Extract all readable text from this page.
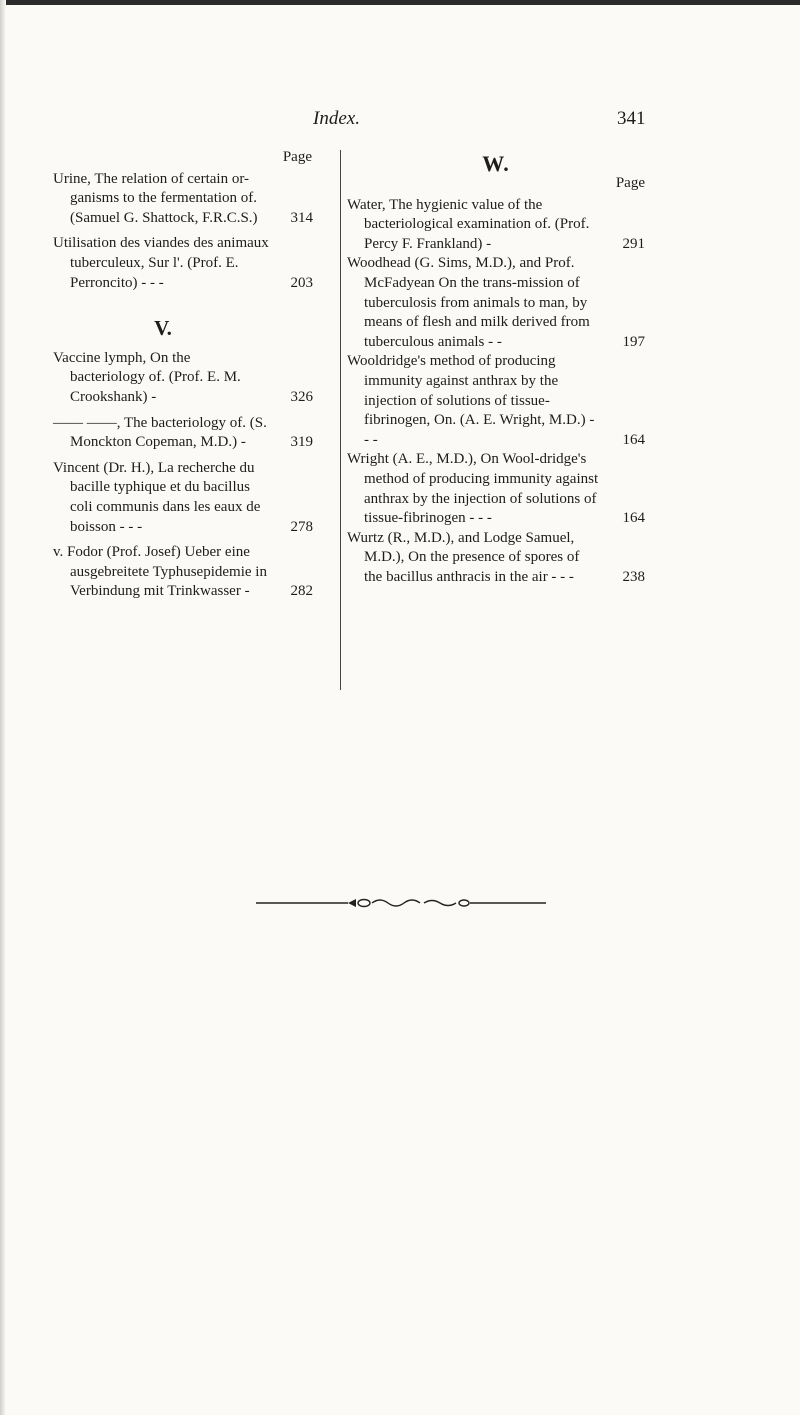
Index.	341
Page
Urine, The relation of certain or-ganisms to the fermentation of. (Samuel G. Shattock, F.R.C.S.)	314
Utilisation des viandes des animaux tuberculeux, Sur l'. (Prof. E. Perroncito) - - -	203
V.
Vaccine lymph, On the bacteriology of. (Prof. E. M. Crookshank) -	326
—— ——, The bacteriology of. (S. Monckton Copeman, M.D.) -	319
Vincent (Dr. H.), La recherche du bacille typhique et du bacillus coli communis dans les eaux de boisson - - -	278
v. Fodor (Prof. Josef) Ueber eine ausgebreitete Typhusepidemie in Verbindung mit Trinkwasser -	282
W.
Page
Water, The hygienic value of the bacteriological examination of. (Prof. Percy F. Frankland) -	291
Woodhead (G. Sims, M.D.), and Prof. McFadyean On the trans-mission of tuberculosis from animals to man, by means of flesh and milk derived from tuberculous animals - -	197
Wooldridge's method of producing immunity against anthrax by the injection of solutions of tissue-fibrinogen, On. (A. E. Wright, M.D.) - - -	164
Wright (A. E., M.D.), On Wool-dridge's method of producing immunity against anthrax by the injection of solutions of tissue-fibrinogen - - -	164
Wurtz (R., M.D.), and Lodge Samuel, M.D.), On the presence of spores of the bacillus anthracis in the air - - -	238
